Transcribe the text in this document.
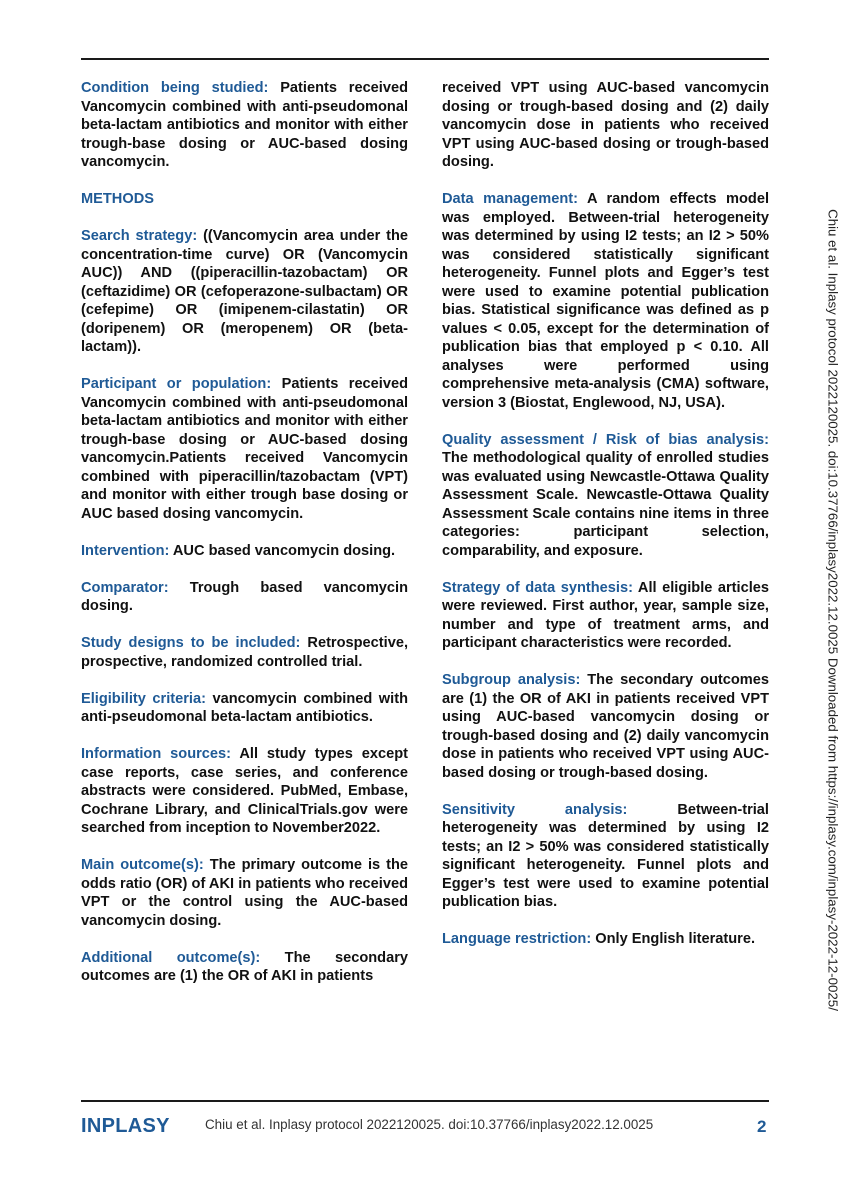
Condition being studied: Patients received Vancomycin combined with anti-pseudomonal beta-lactam antibiotics and monitor with either trough-base dosing or AUC-based dosing vancomycin.

METHODS

Search strategy: ((Vancomycin area under the concentration-time curve) OR (Vancomycin AUC)) AND ((piperacillin-tazobactam) OR (ceftazidime) OR (cefoperazone-sulbactam) OR (cefepime) OR (imipenem-cilastatin) OR (doripenem) OR (meropenem) OR (beta-lactam)).

Participant or population: Patients received Vancomycin combined with anti-pseudomonal beta-lactam antibiotics and monitor with either trough-base dosing or AUC-based dosing vancomycin.Patients received Vancomycin combined with piperacillin/tazobactam (VPT) and monitor with either trough base dosing or AUC based dosing vancomycin.

Intervention: AUC based vancomycin dosing.

Comparator: Trough based vancomycin dosing.

Study designs to be included: Retrospective, prospective, randomized controlled trial.

Eligibility criteria: vancomycin combined with anti-pseudomonal beta-lactam antibiotics.

Information sources: All study types except case reports, case series, and conference abstracts were considered. PubMed, Embase, Cochrane Library, and ClinicalTrials.gov were searched from inception to November2022.

Main outcome(s): The primary outcome is the odds ratio (OR) of AKI in patients who received VPT or the control using the AUC-based vancomycin dosing.

Additional outcome(s): The secondary outcomes are (1) the OR of AKI in patients

received VPT using AUC-based vancomycin dosing or trough-based dosing and (2) daily vancomycin dose in patients who received VPT using AUC-based dosing or trough-based dosing.

Data management: A random effects model was employed. Between-trial heterogeneity was determined by using I2 tests; an I2 > 50% was considered statistically significant heterogeneity. Funnel plots and Egger’s test were used to examine potential publication bias. Statistical significance was defined as p values < 0.05, except for the determination of publication bias that employed p < 0.10. All analyses were performed using comprehensive meta-analysis (CMA) software, version 3 (Biostat, Englewood, NJ, USA).

Quality assessment / Risk of bias analysis: The methodological quality of enrolled studies was evaluated using Newcastle-Ottawa Quality Assessment Scale. Newcastle-Ottawa Quality Assessment Scale contains nine items in three categories: participant selection, comparability, and exposure.

Strategy of data synthesis: All eligible articles were reviewed. First author, year, sample size, number and type of treatment arms, and participant characteristics were recorded.

Subgroup analysis: The secondary outcomes are (1) the OR of AKI in patients received VPT using AUC-based vancomycin dosing or trough-based dosing and (2) daily vancomycin dose in patients who received VPT using AUC-based dosing or trough-based dosing.

Sensitivity analysis:	Between-trial heterogeneity was determined by using I2 tests; an I2 > 50% was considered statistically significant heterogeneity. Funnel plots and Egger’s test were used to examine potential publication bias.

Language restriction: Only English literature.	Chiu et al. Inplasy protocol 2022120025. doi:10.37766/inplasy2022.12.0025 Downloaded from https://inplasy.com/inplasy-2022-12-0025/
INPLASY	Chiu et al. Inplasy protocol 2022120025. doi:10.37766/inplasy2022.12.0025	2
